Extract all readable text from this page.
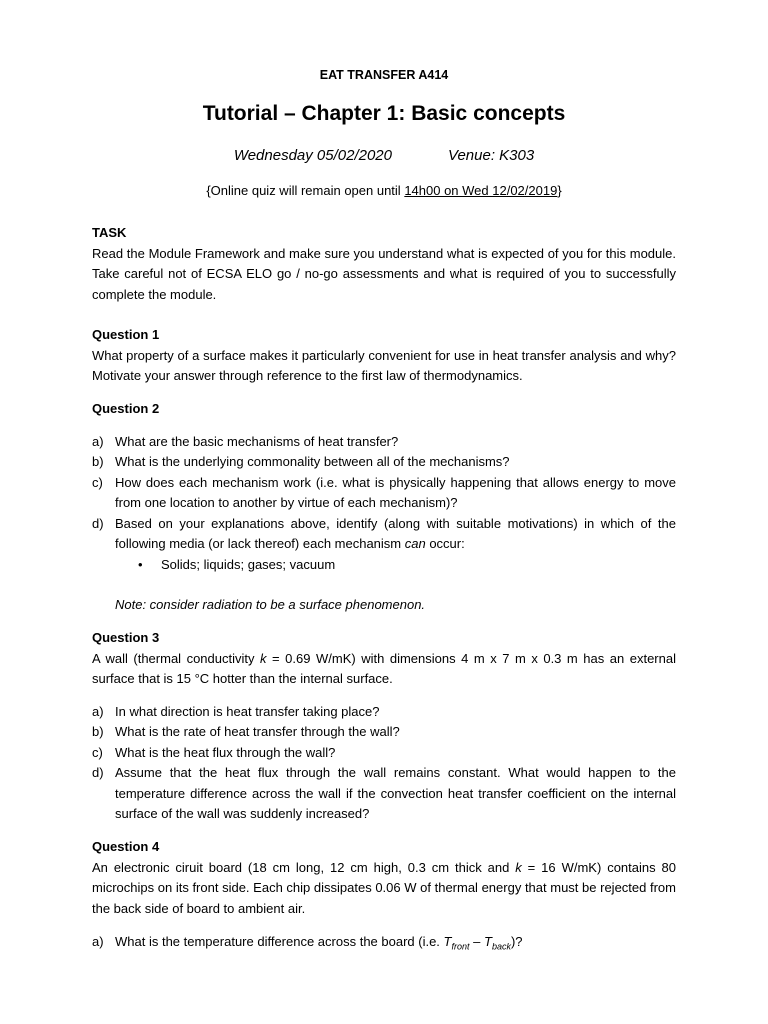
EAT TRANSFER A414
Tutorial – Chapter 1: Basic concepts
Wednesday 05/02/2020	Venue: K303
{Online quiz will remain open until 14h00 on Wed 12/02/2019}
TASK

Read the Module Framework and make sure you understand what is expected of you for this module. Take careful not of ECSA ELO go / no-go assessments and what is required of you to successfully complete the module.

Question 1

What property of a surface makes it particularly convenient for use in heat transfer analysis and why? Motivate your answer through reference to the first law of thermodynamics.

Question 2
a) What are the basic mechanisms of heat transfer?
b) What is the underlying commonality between all of the mechanisms?
c) How does each mechanism work (i.e. what is physically happening that allows energy to move from one location to another by virtue of each mechanism)?
d) Based on your explanations above, identify (along with suitable motivations) in which of the following media (or lack thereof) each mechanism can occur:
• Solids; liquids; gases; vacuum
Note: consider radiation to be a surface phenomenon.
Question 3

A wall (thermal conductivity k = 0.69 W/mK) with dimensions 4 m x 7 m x 0.3 m has an external surface that is 15 °C hotter than the internal surface.

a) In what direction is heat transfer taking place?
b) What is the rate of heat transfer through the wall?
c) What is the heat flux through the wall?
d) Assume that the heat flux through the wall remains constant. What would happen to the temperature difference across the wall if the convection heat transfer coefficient on the internal surface of the wall was suddenly increased?
Question 4

An electronic ciruit board (18 cm long, 12 cm high, 0.3 cm thick and k = 16 W/mK) contains 80 microchips on its front side. Each chip dissipates 0.06 W of thermal energy that must be rejected from the back side of board to ambient air.

a) What is the temperature difference across the board (i.e. $T_{front} - T_{back}$)?
